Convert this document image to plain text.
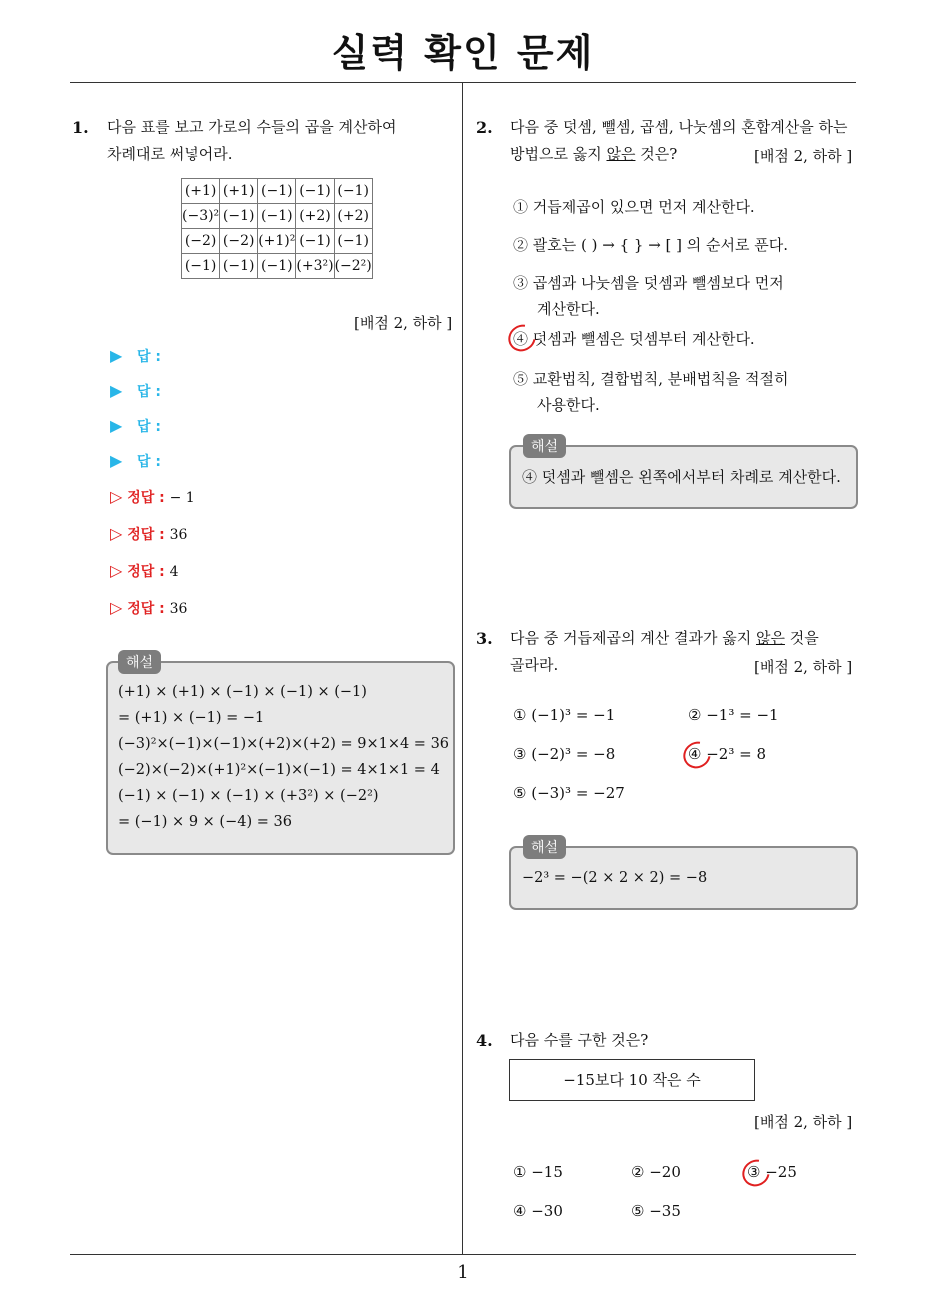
실력 확인 문제
1
1. 다음 표를 보고 가로의 수들의 곱을 계산하여
차례대로 써넣어라.
(+1)	(+1)	(−1)	(−1)	(−1)
(−3)²	(−1)	(−1)	(+2)	(+2)
(−2)	(−2)	(+1)²	(−1)	(−1)
(−1)	(−1)	(−1)	(+3²)	(−2²)
[배점 2, 하하 ]
▶ 답 :
▶ 답 :
▶ 답 :
▶ 답 :
▷ 정답 : − 1
▷ 정답 : 36
▷ 정답 : 4
▷ 정답 : 36
해설
(+1) × (+1) × (−1) × (−1) × (−1)
= (+1) × (−1) = −1
(−3)²×(−1)×(−1)×(+2)×(+2) = 9×1×4 = 36
(−2)×(−2)×(+1)²×(−1)×(−1) = 4×1×1 = 4
(−1) × (−1) × (−1) × (+3²) × (−2²)
= (−1) × 9 × (−4) = 36
2. 다음 중 덧셈, 뺄셈, 곱셈, 나눗셈의 혼합계산을 하는
방법으로 옳지 않은 것은?	[배점 2, 하하 ]
① 거듭제곱이 있으면 먼저 계산한다.
② 괄호는 ( ) → { } → [ ] 의 순서로 푼다.
③ 곱셈과 나눗셈을 덧셈과 뺄셈보다 먼저
계산한다.
④ 덧셈과 뺄셈은 덧셈부터 계산한다.
⑤ 교환법칙, 결합법칙, 분배법칙을 적절히
사용한다.
해설
④ 덧셈과 뺄셈은 왼쪽에서부터 차례로 계산한다.
3. 다음 중 거듭제곱의 계산 결과가 옳지 않은 것을
골라라.	[배점 2, 하하 ]
① (−1)³ = −1	② −1³ = −1
③ (−2)³ = −8	④ −2³ = 8
⑤ (−3)³ = −27
해설
−2³ = −(2 × 2 × 2) = −8
4. 다음 수를 구한 것은?
−15보다 10 작은 수
[배점 2, 하하 ]
① −15	② −20	③ −25
④ −30	⑤ −35
